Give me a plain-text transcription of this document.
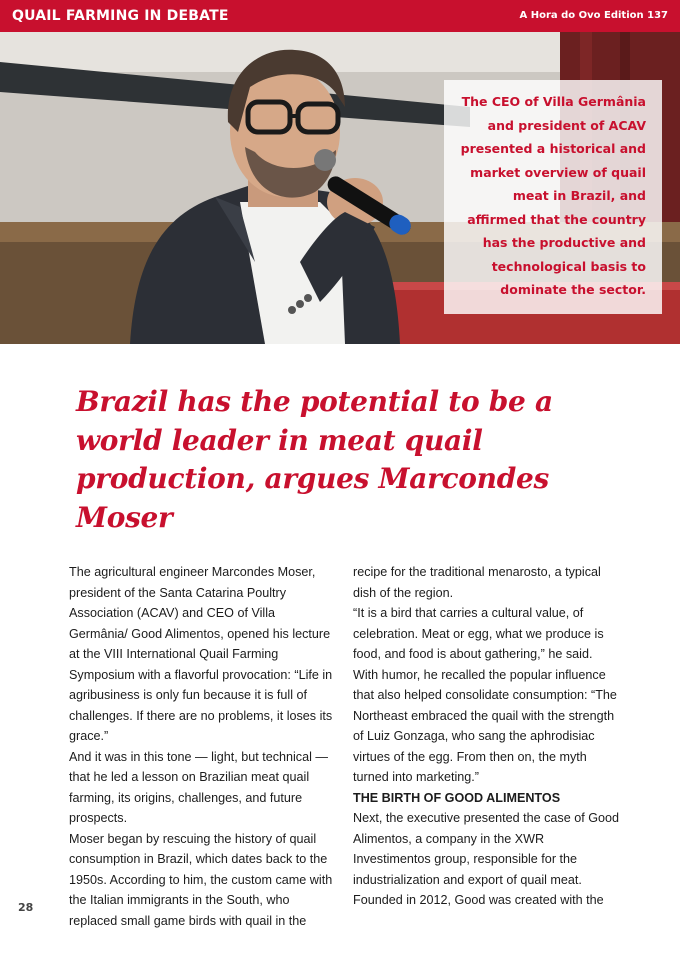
QUAIL FARMING IN DEBATE	A Hora do Ovo Edition 137

The CEO of Villa Germânia and president of ACAV presented a historical and market overview of quail meat in Brazil, and affirmed that the country has the productive and technological basis to dominate the sector.

Brazil has the potential to be a world leader in meat quail production, argues Marcondes Moser

The agricultural engineer Marcondes Moser, president of the Santa Catarina Poultry Association (ACAV) and CEO of Villa Germânia/ Good Alimentos, opened his lecture at the VIII International Quail Farming Symposium with a flavorful provocation: “Life in agribusiness is only fun because it is full of challenges. If there are no problems, it loses its grace.”

And it was in this tone — light, but technical — that he led a lesson on Brazilian meat quail farming, its origins, challenges, and future prospects.

Moser began by rescuing the history of quail consumption in Brazil, which dates back to the 1950s. According to him, the custom came with the Italian immigrants in the South, who replaced small game birds with quail in the

recipe for the traditional menarosto, a typical dish of the region.

“It is a bird that carries a cultural value, of celebration. Meat or egg, what we produce is food, and food is about gathering,” he said. With humor, he recalled the popular influence that also helped consolidate consumption: “The Northeast embraced the quail with the strength of Luiz Gonzaga, who sang the aphrodisiac virtues of the egg. From then on, the myth turned into marketing.”

THE BIRTH OF GOOD ALIMENTOS

Next, the executive presented the case of Good Alimentos, a company in the XWR Investimentos group, responsible for the industrialization and export of quail meat. Founded in 2012, Good was created with the

28
